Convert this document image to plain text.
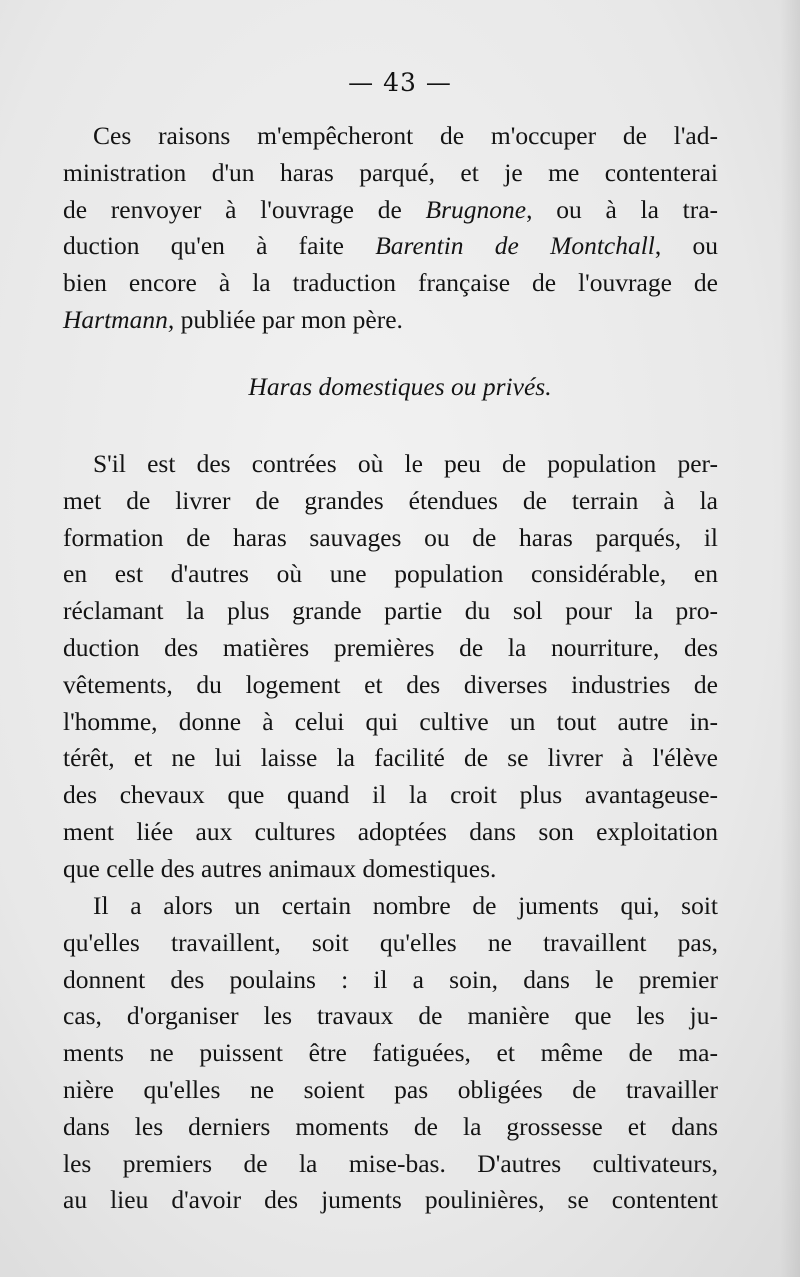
— 43 —
Ces raisons m'empêcheront de m'occuper de l'ad-
ministration d'un haras parqué, et je me contenterai
de renvoyer à l'ouvrage de Brugnone, ou à la tra-
duction qu'en à faite Barentin de Montchall, ou
bien encore à la traduction française de l'ouvrage de
Hartmann, publiée par mon père.
Haras domestiques ou privés.
S'il est des contrées où le peu de population per-
met de livrer de grandes étendues de terrain à la
formation de haras sauvages ou de haras parqués, il
en est d'autres où une population considérable, en
réclamant la plus grande partie du sol pour la pro-
duction des matières premières de la nourriture, des
vêtements, du logement et des diverses industries de
l'homme, donne à celui qui cultive un tout autre in-
térêt, et ne lui laisse la facilité de se livrer à l'élève
des chevaux que quand il la croit plus avantageuse-
ment liée aux cultures adoptées dans son exploitation
que celle des autres animaux domestiques.
Il a alors un certain nombre de juments qui, soit
qu'elles travaillent, soit qu'elles ne travaillent pas,
donnent des poulains : il a soin, dans le premier
cas, d'organiser les travaux de manière que les ju-
ments ne puissent être fatiguées, et même de ma-
nière qu'elles ne soient pas obligées de travailler
dans les derniers moments de la grossesse et dans
les premiers de la mise-bas. D'autres cultivateurs,
au lieu d'avoir des juments poulinières, se contentent
